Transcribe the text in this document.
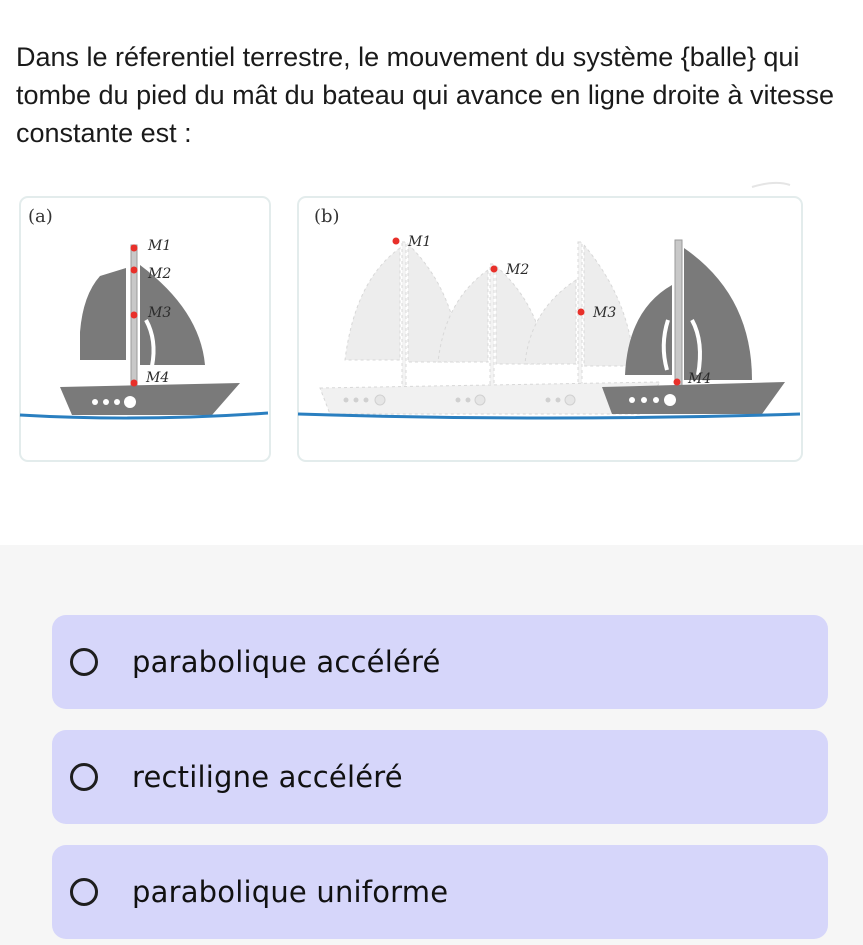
Dans le réferentiel terrestre, le mouvement du système {balle} qui tombe du pied du mât du bateau qui avance en ligne droite à vitesse constante est :

(a)	(b)
M1
M2
M3
M4
M1
M2
M3
M4
parabolique accéléré
rectiligne accéléré
parabolique uniforme
